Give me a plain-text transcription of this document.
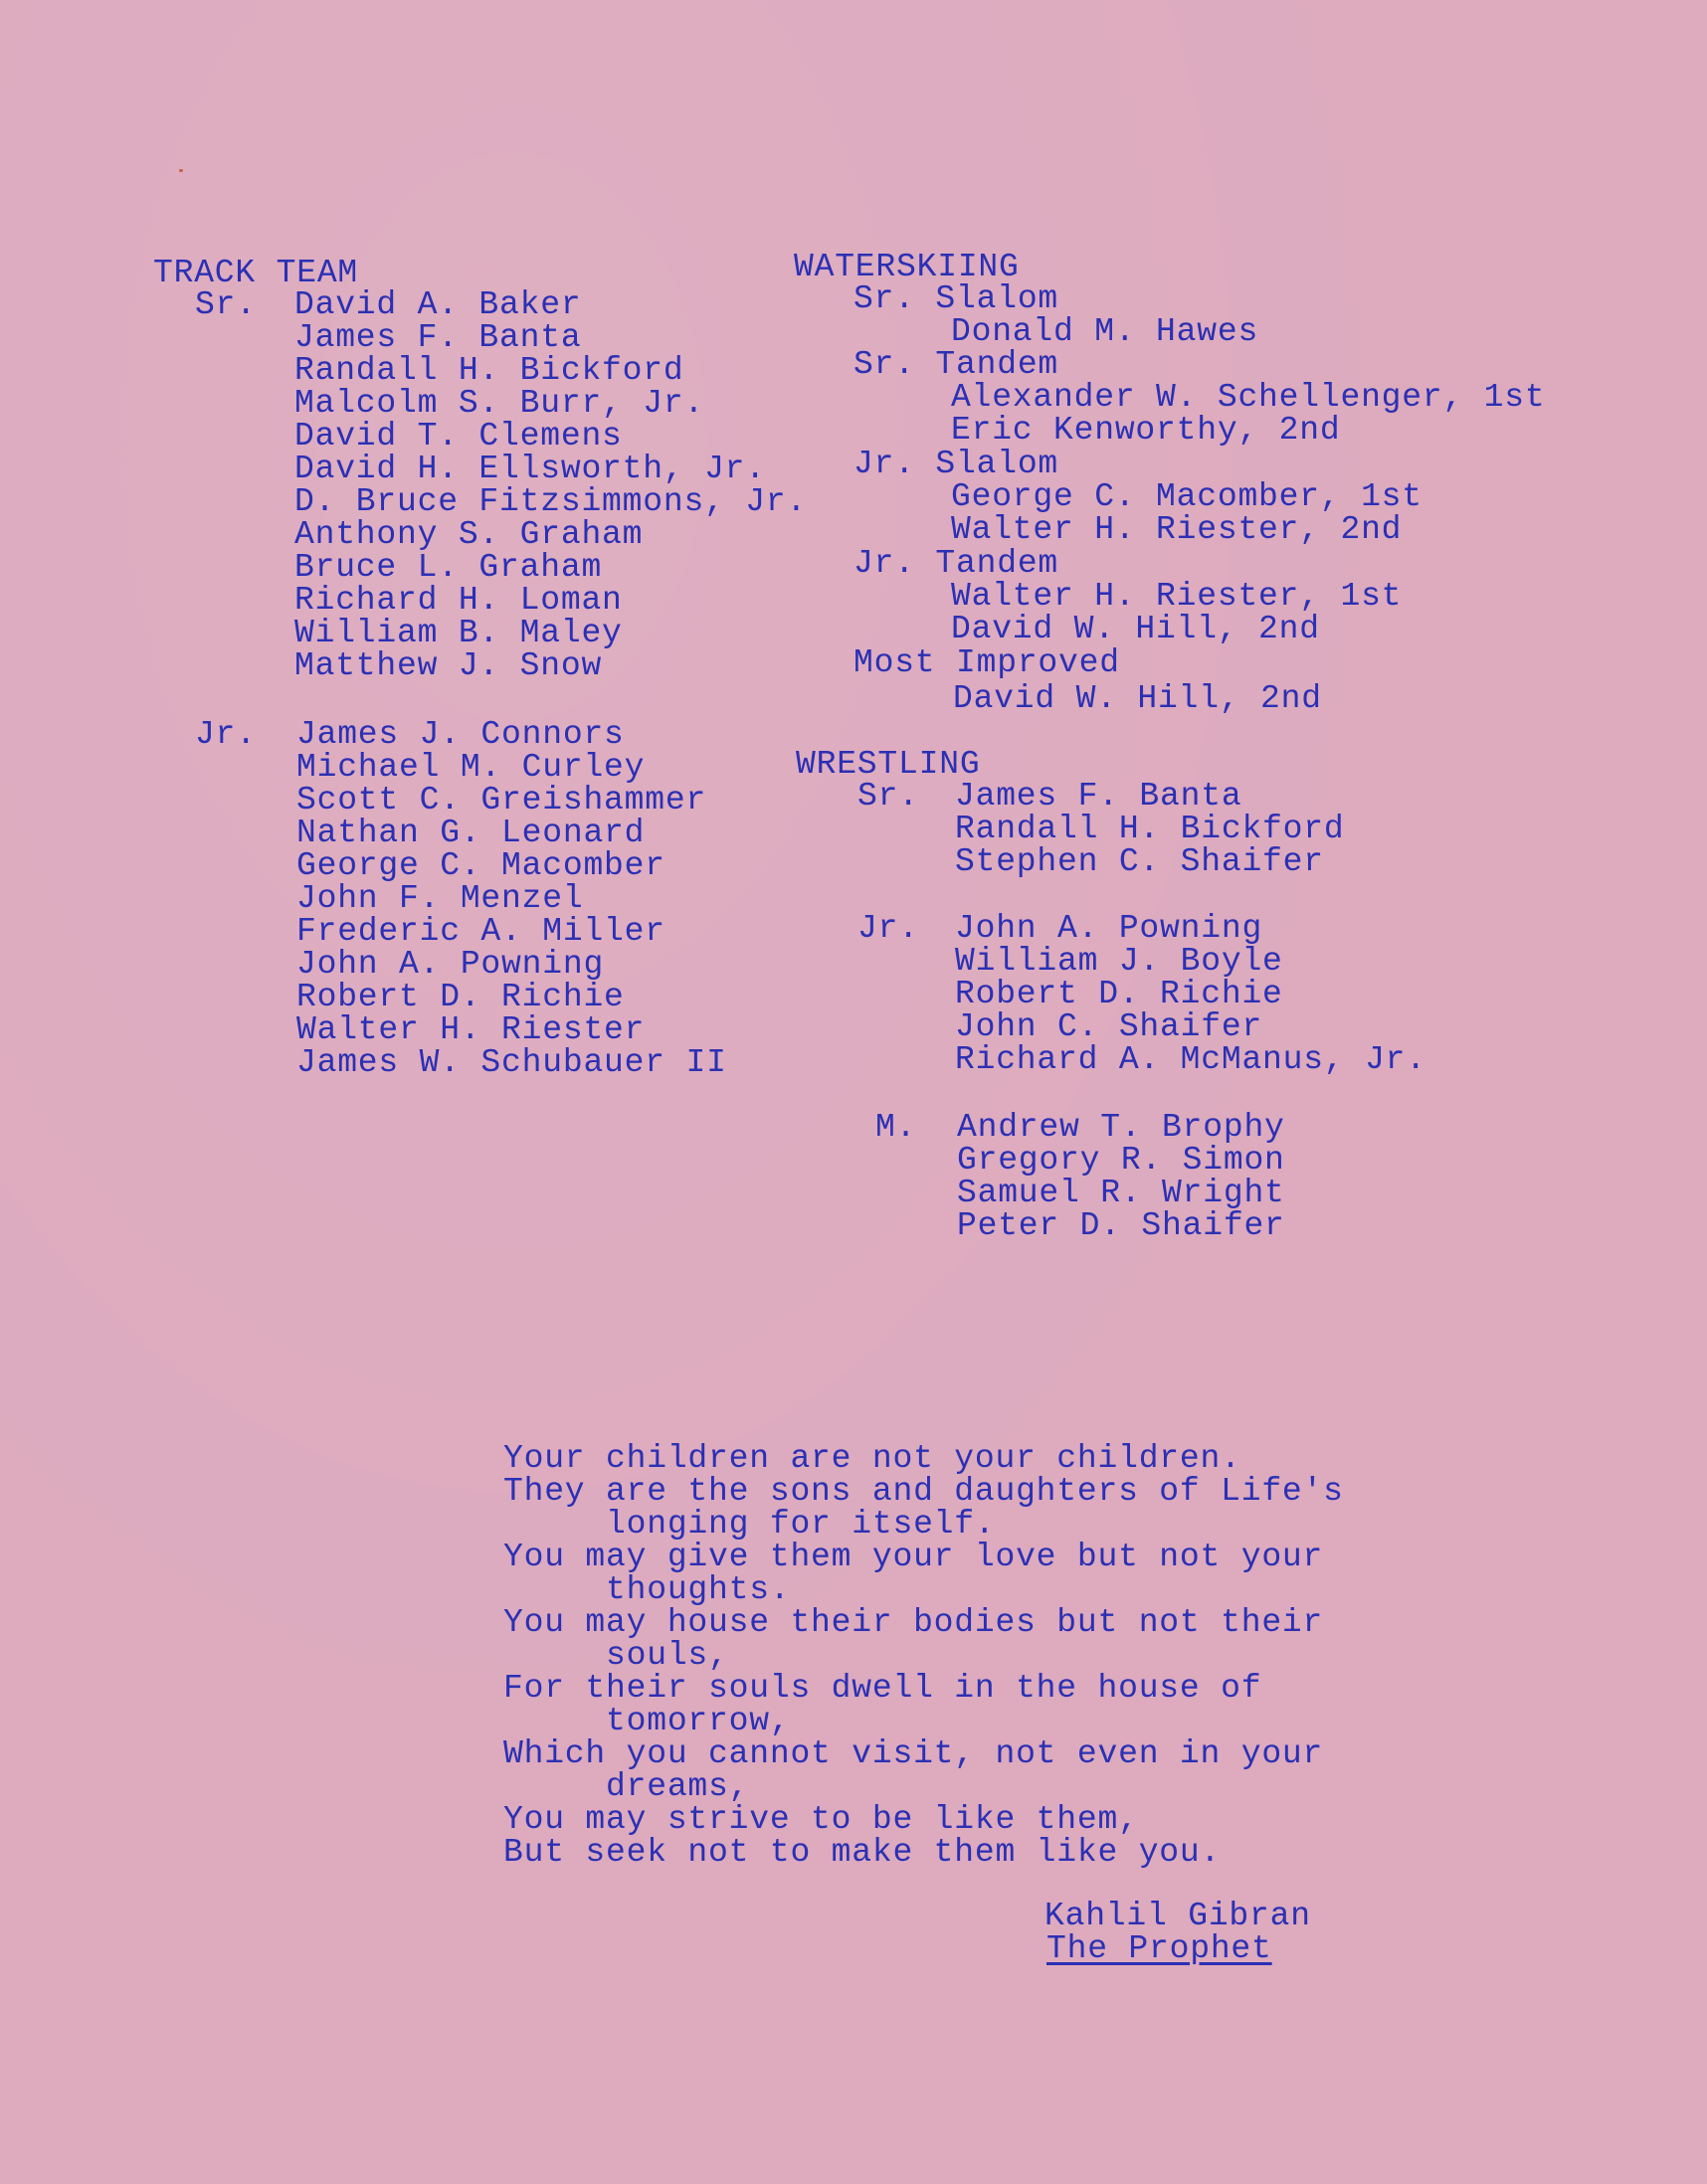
TRACK TEAM
Sr. David A. Baker
James F. Banta
Randall H. Bickford
Malcolm S. Burr, Jr.
David T. Clemens
David H. Ellsworth, Jr.
D. Bruce Fitzsimmons, Jr.
Anthony S. Graham
Bruce L. Graham
Richard H. Loman
William B. Maley
Matthew J. Snow
Jr. James J. Connors
Michael M. Curley
Scott C. Greishammer
Nathan G. Leonard
George C. Macomber
John F. Menzel
Frederic A. Miller
John A. Powning
Robert D. Richie
Walter H. Riester
James W. Schubauer II
WATERSKIING
Sr. Slalom
Donald M. Hawes
Sr. Tandem
Alexander W. Schellenger, 1st
Eric Kenworthy, 2nd
Jr. Slalom
George C. Macomber, 1st
Walter H. Riester, 2nd
Jr. Tandem
Walter H. Riester, 1st
David W. Hill, 2nd
Most Improved
David W. Hill, 2nd
WRESTLING
Sr. James F. Banta
Randall H. Bickford
Stephen C. Shaifer
Jr. John A. Powning
William J. Boyle
Robert D. Richie
John C. Shaifer
Richard A. McManus, Jr.
M. Andrew T. Brophy
Gregory R. Simon
Samuel R. Wright
Peter D. Shaifer
Your children are not your children.
They are the sons and daughters of Life's
longing for itself.
You may give them your love but not your
thoughts.
You may house their bodies but not their
souls,
For their souls dwell in the house of
tomorrow,
Which you cannot visit, not even in your
dreams,
You may strive to be like them,
But seek not to make them like you.
Kahlil Gibran
The Prophet
